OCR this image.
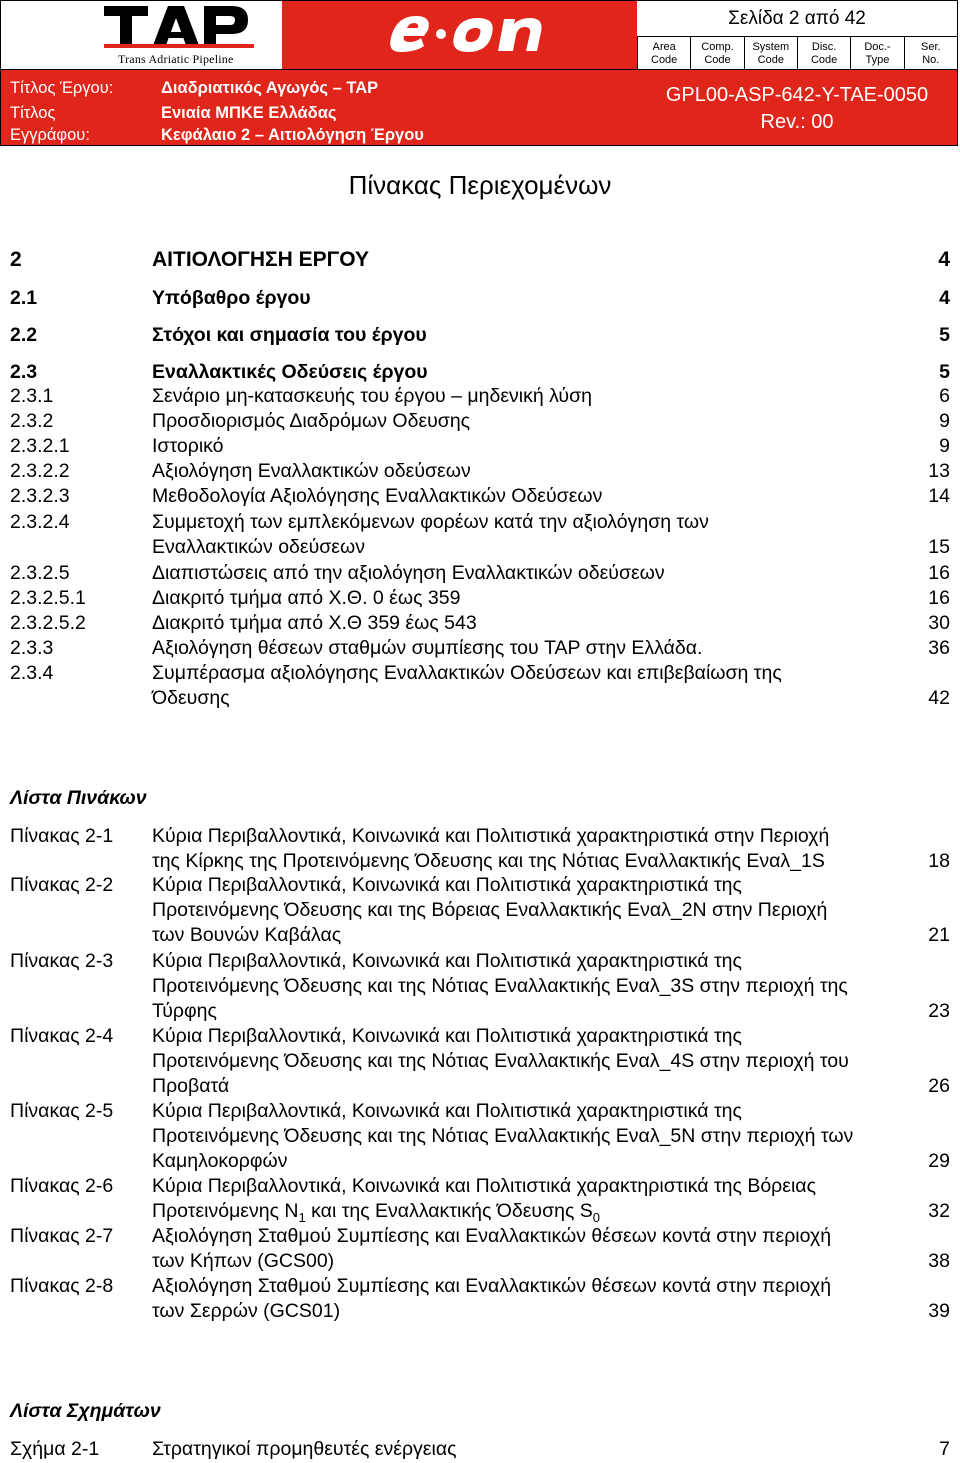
Trans Adriatic Pipeline
Σελίδα 2 από 42
Area
Code
Comp.
Code
System
Code
Disc.
Code
Doc.-
Type
Ser.
No.
Τίτλος Έργου:	Διαδριατικός Αγωγός – TAP
Τίτλος
Εγγράφου:
Ενιαία ΜΠΚΕ Ελλάδας
Κεφάλαιο 2 – Αιτιολόγηση Έργου
GPL00-ASP-642-Y-TAE-0050
Rev.: 00
Πίνακας Περιεχομένων
2	ΑΙΤΙΟΛΟΓΗΣΗ ΕΡΓΟΥ	4
2.1	Υπόβαθρο έργου	4
2.2	Στόχοι και σημασία του έργου	5
2.3	Εναλλακτικές Οδεύσεις έργου	5
2.3.1	Σενάριο μη-κατασκευής του έργου – μηδενική λύση	6
2.3.2	Προσδιορισμός Διαδρόμων Οδευσης	9
2.3.2.1	Ιστορικό	9
2.3.2.2	Αξιολόγηση Εναλλακτικών οδεύσεων	13
2.3.2.3	Μεθοδολογία Αξιολόγησης Εναλλακτικών Οδεύσεων	14
2.3.2.4	Συμμετοχή των εμπλεκόμενων φορέων κατά την αξιολόγηση των
Εναλλακτικών οδεύσεων	15
2.3.2.5	Διαπιστώσεις από την αξιολόγηση Εναλλακτικών οδεύσεων	16
2.3.2.5.1	Διακριτό τμήμα από Χ.Θ. 0 έως 359	16
2.3.2.5.2	Διακριτό τμήμα από Χ.Θ 359 έως 543	30
2.3.3	Αξιολόγηση θέσεων σταθμών συμπίεσης του TAP στην Ελλάδα.	36
2.3.4	Συμπέρασμα αξιολόγησης Εναλλακτικών Οδεύσεων και επιβεβαίωση της
Όδευσης	42
Λίστα Πινάκων
Πίνακας 2-1 Κύρια Περιβαλλοντικά, Κοινωνικά και Πολιτιστικά χαρακτηριστικά στην Περιοχή
της Κίρκης της Προτεινόμενης Όδευσης και της Νότιας Εναλλακτικής Εναλ_1S	18
Πίνακας 2-2 Κύρια Περιβαλλοντικά, Κοινωνικά και Πολιτιστικά χαρακτηριστικά της
Προτεινόμενης Όδευσης και της Βόρειας Εναλλακτικής Εναλ_2N στην Περιοχή
των Βουνών Καβάλας	21
Πίνακας 2-3 Κύρια Περιβαλλοντικά, Κοινωνικά και Πολιτιστικά χαρακτηριστικά της
Προτεινόμενης Όδευσης και της Νότιας Εναλλακτικής Εναλ_3S στην περιοχή της
Τύρφης	23
Πίνακας 2-4 Κύρια Περιβαλλοντικά, Κοινωνικά και Πολιτιστικά χαρακτηριστικά της
Προτεινόμενης Όδευσης και της Νότιας Εναλλακτικής Εναλ_4S στην περιοχή του
Προβατά	26
Πίνακας 2-5 Κύρια Περιβαλλοντικά, Κοινωνικά και Πολιτιστικά χαρακτηριστικά της
Προτεινόμενης Όδευσης και της Νότιας Εναλλακτικής Εναλ_5N στην περιοχή των
Καμηλοκορφών	29
Πίνακας 2-6 Κύρια Περιβαλλοντικά, Κοινωνικά και Πολιτιστικά χαρακτηριστικά της Βόρειας
Προτεινόμενης $N_1$ και της Εναλλακτικής Όδευσης $S_0$	32
Πίνακας 2-7 Αξιολόγηση Σταθμού Συμπίεσης και Εναλλακτικών θέσεων κοντά στην περιοχή
των Κήπων (GCS00)	38
Πίνακας 2-8 Αξιολόγηση Σταθμού Συμπίεσης και Εναλλακτικών θέσεων κοντά στην περιοχή
των Σερρών (GCS01)	39
Λίστα Σχημάτων
Σχήμα 2-1	Στρατηγικοί προμηθευτές ενέργειας	7
